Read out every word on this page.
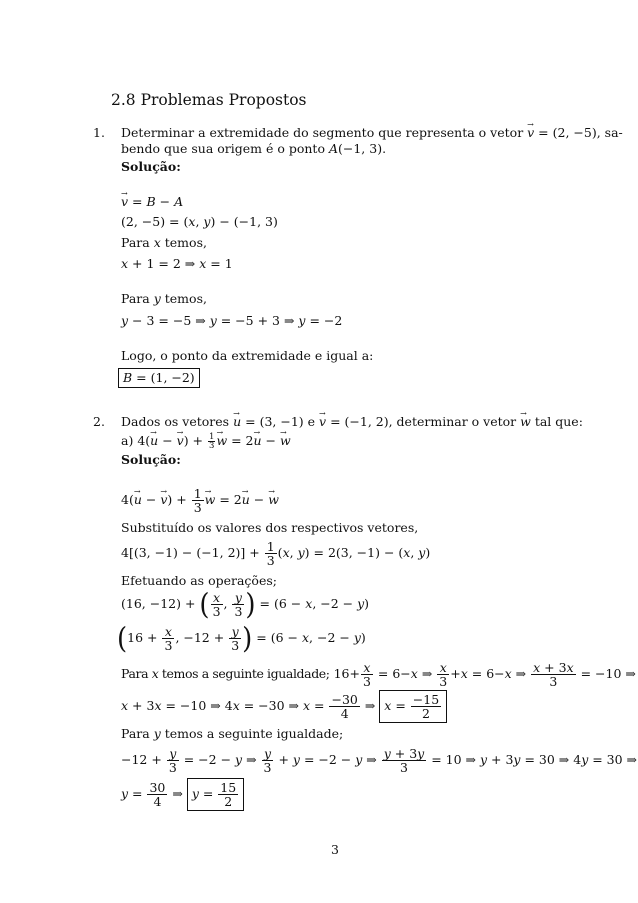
2.8 Problemas Propostos
1. Determinar a extremidade do segmento que representa o vetor → v = (2, −5), sa-
bendo que sua origem é o ponto A(−1, 3).
Solução:
→ v = B − A
(2, −5) = (x, y) − (−1, 3)
Para x temos,
x + 1 = 2 ⇒ x = 1
Para y temos,
y − 3 = −5 ⇒ y = −5 + 3 ⇒ y = −2
Logo, o ponto da extremidade e igual a:
B = (1, −2)
2. Dados os vetores → u = (3, −1) e → v = (−1, 2), determinar o vetor → w tal que:
a) 4(→ u − → $v) + \frac{1}{3}$
→ w = 2→ u − → w
Solução:
4(→ u − → $v) + \frac{1}{3}$
→ w = 2→ u − → w
Substituído os valores dos respectivos vetores,
4[(3, −1) − (−1, $2)] + \frac{1}{3} (x$, y) = 2(3, −1) − (x, y)
Efetuando as operações;
(16, −12) + ( $\frac{x}{3}$ , $\frac{y}{3}$ ) = (6 − x, −2 − y)
($16 + \frac{x}{3}$ , $-12 + \frac{y}{3}$ ) = (6 − x, −2 − y)
Para x temos a seguinte igualdade; $16+ \frac{x}{3} = 6-x$ ⇒ $\frac{x}{3} +x = 6-x$ ⇒ $\frac{x + 3x}{3} = -10$ ⇒
x + 3x = −10 ⇒ 4x = −30 ⇒ $x = \frac{-30}{4}$ ⇒ $x = \frac{-15}{2}$
Para y temos a seguinte igualdade;
$-12 + \frac{y}{3} = -2 - y$ ⇒ $\frac{y}{3} + y = -2 - y$ ⇒ $\frac{y + 3y}{3} = 10$ ⇒ y + 3y = 30 ⇒ 4y = 30 ⇒
$y = \frac{30}{4}$ ⇒ $y = \frac{15}{2}$
3
